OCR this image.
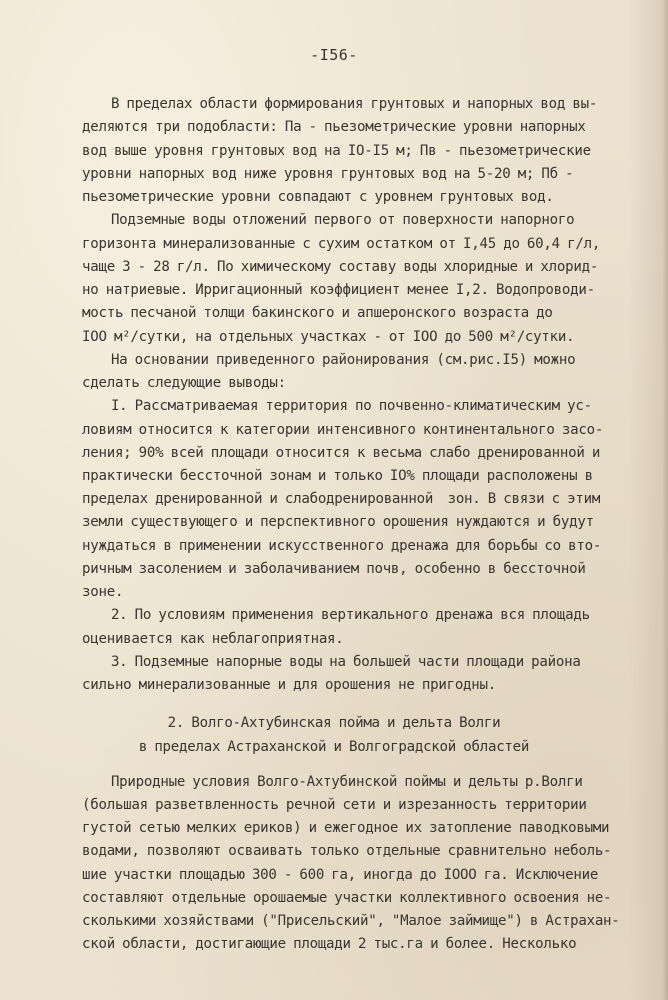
-I56-
В пределах области формирования грунтовых и напорных вод вы-
деляются три подобласти: Па - пьезометрические уровни напорных
вод выше уровня грунтовых вод на IO-I5 м; Пв - пьезометрические
уровни напорных вод ниже уровня грунтовых вод на 5-20 м; Пб -
пьезометрические уровни совпадают с уровнем грунтовых вод.
Подземные воды отложений первого от поверхности напорного
горизонта минерализованные с сухим остатком от I,45 до 60,4 г/л,
чаще 3 - 28 г/л. По химическому составу воды хлоридные и хлорид-
но натриевые. Ирригационный коэффициент менее I,2. Водопроводи-
мость песчаной толщи бакинского и апшеронского возраста до
IOO м²/сутки, на отдельных участках - от IOO до 500 м²/сутки.
На основании приведенного районирования (см.рис.I5) можно
сделать следующие выводы:
I. Рассматриваемая территория по почвенно-климатическим ус-
ловиям относится к категории интенсивного континентального засо-
ления; 90% всей площади относится к весьма слабо дренированной и
практически бессточной зонам и только IO% площади расположены в
пределах дренированной и слабодренированной  зон. В связи с этим
земли существующего и перспективного орошения нуждаются и будут
нуждаться в применении искусственного дренажа для борьбы со вто-
ричным засолением и заболачиванием почв, особенно в бессточной
зоне.
2. По условиям применения вертикального дренажа вся площадь
оценивается как неблагоприятная.
3. Подземные напорные воды на большей части площади района
сильно минерализованные и для орошения не пригодны.
2. Волго-Ахтубинская пойма и дельта Волги
в пределах Астраханской и Волгоградской областей
Природные условия Волго-Ахтубинской поймы и дельты р.Волги
(большая разветвленность речной сети и изрезанность территории
густой сетью мелких ериков) и ежегодное их затопление паводковыми
водами, позволяют осваивать только отдельные сравнительно неболь-
шие участки площадью 300 - 600 га, иногда до IOOO га. Исключение
составляют отдельные орошаемые участки коллективного освоения не-
сколькими хозяйствами ("Присельский", "Малое займище") в Астрахан-
ской области, достигающие площади 2 тыс.га и более. Несколько
